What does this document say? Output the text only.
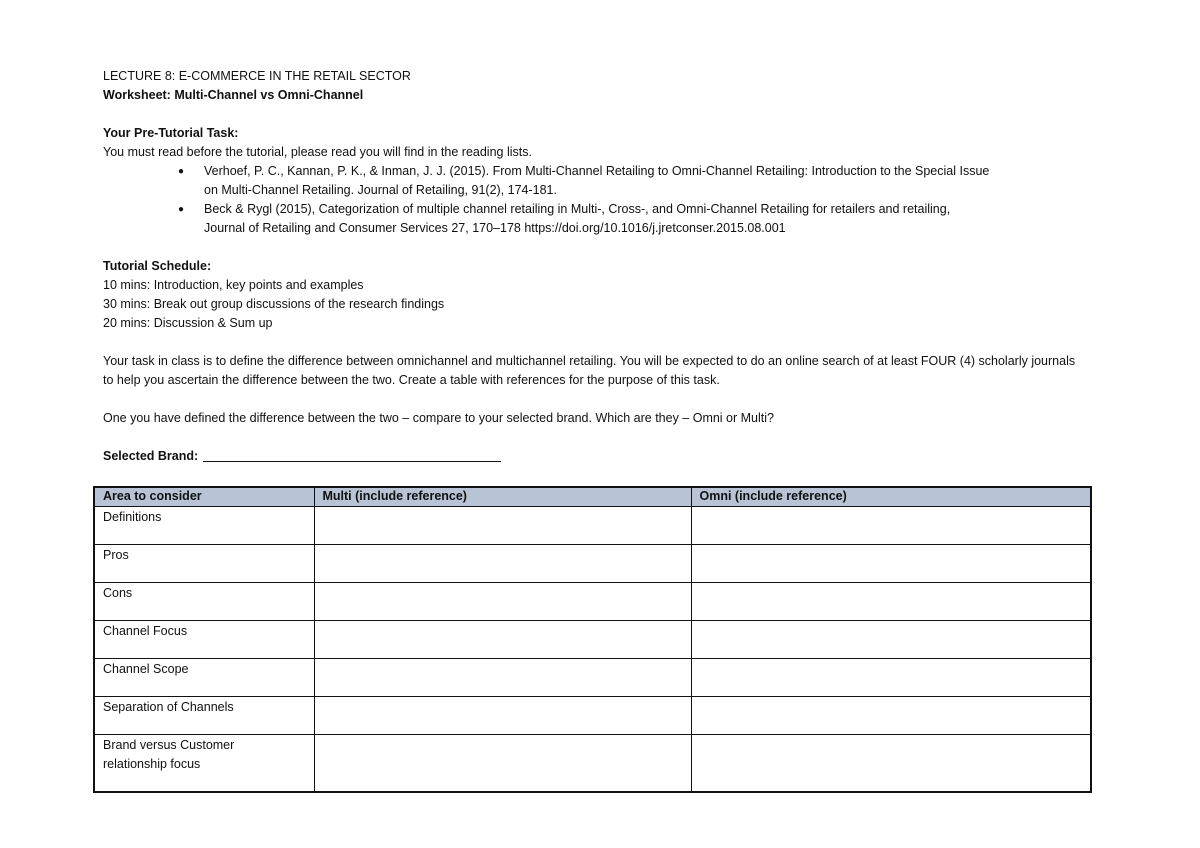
LECTURE 8: E-COMMERCE IN THE RETAIL SECTOR
Worksheet: Multi-Channel vs Omni-Channel
Your Pre-Tutorial Task:
You must read before the tutorial, please read you will find in the reading lists.
●	Verhoef, P. C., Kannan, P. K., & Inman, J. J. (2015). From Multi-Channel Retailing to Omni-Channel Retailing: Introduction to the Special Issue
on Multi-Channel Retailing. Journal of Retailing, 91(2), 174-181.
●	Beck & Rygl (2015), Categorization of multiple channel retailing in Multi-, Cross-, and Omni-Channel Retailing for retailers and retailing,
Journal of Retailing and Consumer Services 27, 170–178 https://doi.org/10.1016/j.jretconser.2015.08.001
Tutorial Schedule:
10 mins: Introduction, key points and examples
30 mins: Break out group discussions of the research findings
20 mins: Discussion & Sum up
Your task in class is to define the difference between omnichannel and multichannel retailing. You will be expected to do an online search of at least FOUR (4) scholarly journals to help you ascertain the difference between the two. Create a table with references for the purpose of this task.
One you have defined the difference between the two – compare to your selected brand. Which are they – Omni or Multi?
Selected Brand:
Area to consider	Multi (include reference)	Omni (include reference)
Definitions		
Pros		
Cons		
Channel Focus		
Channel Scope		
Separation of Channels		
Brand versus Customer
relationship focus		
